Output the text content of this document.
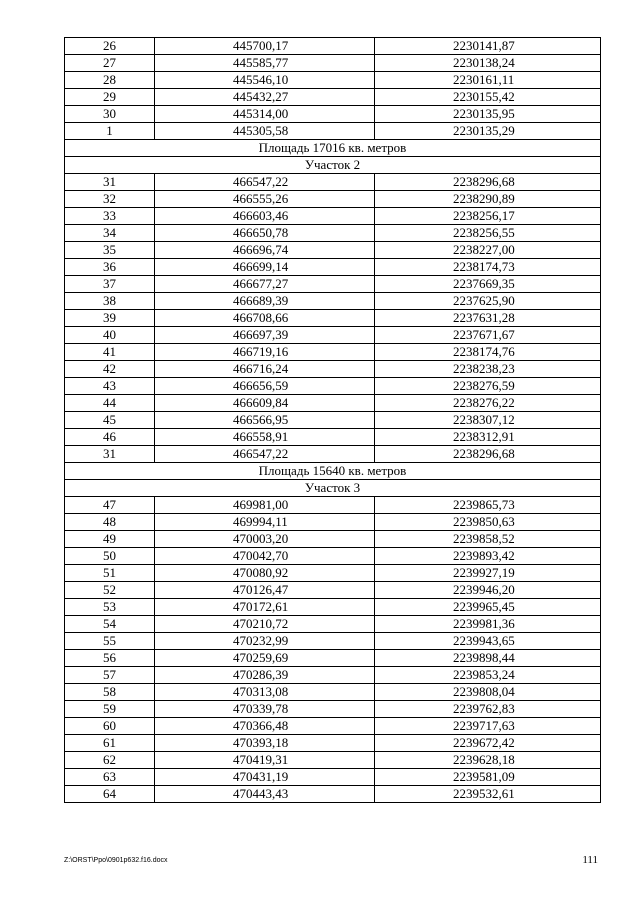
26	445700,17	2230141,87
27	445585,77	2230138,24
28	445546,10	2230161,11
29	445432,27	2230155,42
30	445314,00	2230135,95
1	445305,58	2230135,29
Площадь 17016 кв. метров		
Участок 2		
31	466547,22	2238296,68
32	466555,26	2238290,89
33	466603,46	2238256,17
34	466650,78	2238256,55
35	466696,74	2238227,00
36	466699,14	2238174,73
37	466677,27	2237669,35
38	466689,39	2237625,90
39	466708,66	2237631,28
40	466697,39	2237671,67
41	466719,16	2238174,76
42	466716,24	2238238,23
43	466656,59	2238276,59
44	466609,84	2238276,22
45	466566,95	2238307,12
46	466558,91	2238312,91
31	466547,22	2238296,68
Площадь 15640 кв. метров		
Участок 3		
47	469981,00	2239865,73
48	469994,11	2239850,63
49	470003,20	2239858,52
50	470042,70	2239893,42
51	470080,92	2239927,19
52	470126,47	2239946,20
53	470172,61	2239965,45
54	470210,72	2239981,36
55	470232,99	2239943,65
56	470259,69	2239898,44
57	470286,39	2239853,24
58	470313,08	2239808,04
59	470339,78	2239762,83
60	470366,48	2239717,63
61	470393,18	2239672,42
62	470419,31	2239628,18
63	470431,19	2239581,09
64	470443,43	2239532,61
Z:\ORST\Ppo\0901p632.f16.docx	111
